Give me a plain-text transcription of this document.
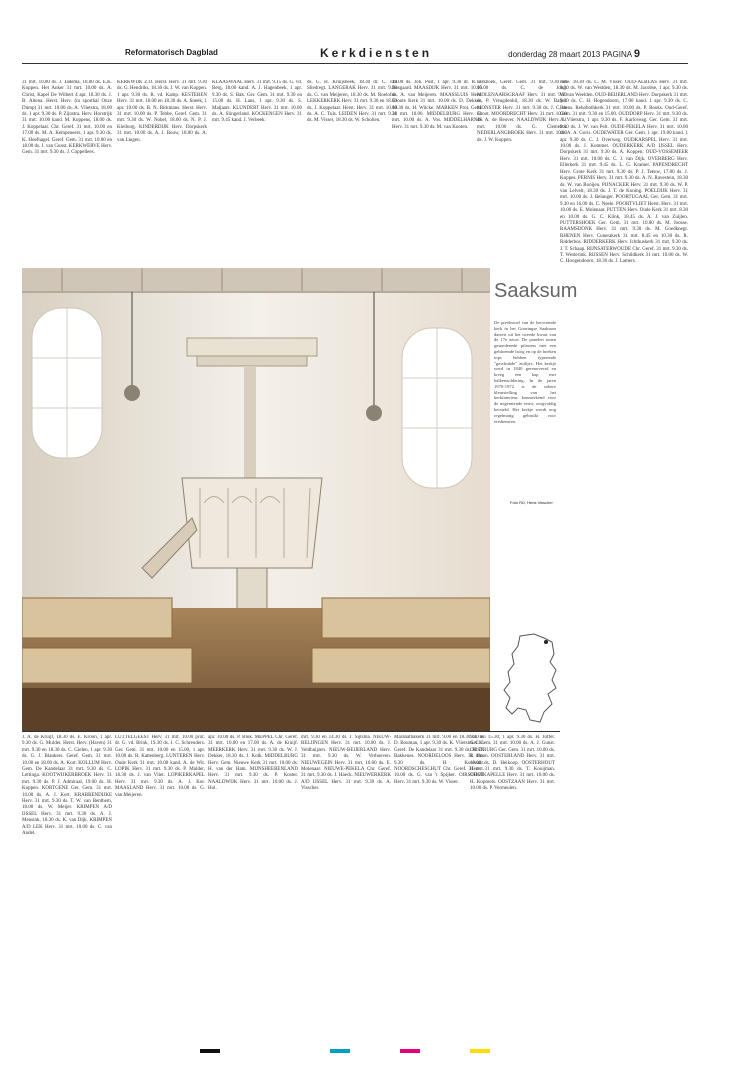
Reformatorisch Dagblad	Kerkdiensten	donderdag 28 maart 2013 PAGINA 9
31 mrt. 10.00 ds. J. Tadema, 18.00 ds. E.K. Koppen. Het Anker 31 mrt. 10.00 ds. A. Christ, Kapel De Wilbert 4 apr. 18.30 ds. J. B. Altena. Herst. Herv. (in sporthal Onze Dump) 31 mrt. 10.00 ds. A. Vlietstra, 18.00 ds. 1 apr. 9.30 ds. P. Zijnstra. Herv. Horstrijk 31 mrt. 10.00 kand. M. Koppens, 18.00 ds. J. Koppelaar. Chr. Geref. 31 mrt. 10.00 en 17.00 ds. M. A. Kempeneers, 1 apr. 9.30 ds. K. Hoefnagel. Geref. Gem. 31 mrt. 10.00 en 18.00 ds. J. van Gunst. KERKWERVE Herv. Gem. 31 mrt. 9.30 ds. J. Coppellees.
KERKWIJK Z.O. Herst. Herv. 31 mrt. 9.30 ds. G. Hendriks, 18.30 ds. J. W. van Koppen. 1 apr. 9.30 ds. R. vd. Kamp. KESTEREN Herv. 31 mrt. 10.00 en 18.30 ds. A. Sneek, 1 apr. 10.00 ds. B. N. Birkmans. Herst. Herv. 31 mrt. 10.00 ds. P. Tebbe, Geref. Gem. 31 mrt. 9.30 ds. W. Nobel, 18.00 ds. N. P. J. Kleiborg. KINDERDIJK Herv. Dorpskerk 31 mrt. 10.00 ds. A. J. Bouw, 18.00 ds. A. van Lingen.
KLAASWAAL Herv. 31 mrt. 9.15 ds. G. vd. Berg, 18.00 kand. A. J. Hagenbeek, 1 apr. 9.30 ds. S. Bak. Ger. Gem. 31 mrt. 9.30 en 15.00 ds. H. Lans, 1 apr. 9.30 ds. S. Maljaars. KLUNDERT Herv. 31 mrt. 10.00 ds. A. Slingerland. KOCKENGEN Herv. 31 mrt. 9.45 kand. J. Verbeek.
ds. G. H. Kruijsbeek, 18.30 dr. C. van Sliedregt. LANGERAK Herv. 31 mrt. 9.30 ds. G. van Meijeren, 18.30 ds. M. Roelofse. LEKKERKERK Herv. 31 mrt. 9.30 en 18.30 ds. J. Koppelaar. Herst. Herv. 31 mrt. 10.00 ds. A. C. Tuls. LEIDEN Herv. 31 mrt. 9.30 ds. M. Visser, 18.30 ds. W. Scholten.
19.00 ds. Joh. Post, 1 apr. 9.30 dr. R. J. Bosgaard. MAASDIJK Herv. 31 mrt. 10.00 ds. A. van Meijeren. MAASSLUIS Herv. Groote Kerk 31 mrt. 10.00 ds. D. Dekker, 18.30 ds. H. Wilcke. MARKEN Prot. Gem. 31 mrt. 10.00. MIDDELBURG Herv. 31 mrt. 10.00 ds. A. Vos. MIDDELHARNIS Herv. 31 mrt. 9.30 ds. M. van Kooten.
kerkhoek, Geref. Gem. 31 mrt. 9.30 en 15.00 ds. C. de Jong. MOLENAARSGRAAF Herv. 31 mrt. 9.30 ds. P. Vreugdenhil, 18.30 ds. W. Baljet. MONSTER Herv. 31 mrt. 9.30 ds. J. C. de Groot. MOORDRECHT Herv. 31 mrt. 10.00 ds. A. de Reuver. NAALDWIJK Herv. 31 mrt. 10.00 ds. G. Clements. NEDERLANGBROEK Herv. 31 mrt. 10.00 ds. J. W. Koppen.
mrte. 18.30 ds. C. M. Visser. OUD-ALBLAS Herv. 31 mrt. 9.30 ds. W. van Westden, 18.30 ds. M. Jacobse, 1 apr. 9.30 ds. W. van Weelden. OUD-BEIJERLAND Herv. Dorpskerk 31 mrt. 9.30 ds. C. H. Hogendoorn, 17.00 kand. 1 apr. 9.30 ds. C. Beens. Rehobothkerk 31 mrt. 10.00 ds. P. Rooks. Oud-Geref. Gem. 31 mrt. 9.30 en 15.00. OUDDORP Herv. 31 mrt. 9.30 ds. A. Vlietstra, 1 apr. 9.30 ds. F. Karloveag. Ger. Gem. 31 mrt. 9.30 ds. J. W. van Pelt. OUDE-PEKELA Herv. 31 mrt. 10.00 ds. A. A. Goris. OUDEWATER Ger. Gem. 1 apr. 19.00 kand. 1 apr. 9.30 ds. C. J. Overweg. OUDKARSPEL Herv. 31 mrt. 10.00 ds. J. Kommet. OUDERKERK A/D IJSSEL Herv. Dorpskerk 31 mrt. 9.30 ds. A. Koppen. OUD-VOSSEMEER Herv. 31 mrt. 10.00 ds. C. J. van Dijk. OVERBERG Herv. Ellerkerk 31 mrt. 9.45 ds. L. G. Kramer. PAPENDRECHT Herv. Grote Kerk 31 mrt. 9.30 ds. P. J. Teeuw, 17.00 ds. J. Koppes. PERNIS Herv. 31 mrt. 9.30 ds. A. N. Ravestein, 18.30 ds. W. van Rooijen. PIJNACKER Herv. 31 mrt. 9.30 ds. W. P. van Lelvelt, 18.30 ds. J. T. de Koning. POELDIJK Herv. 31 mrt. 10.00 ds. J. Belanger. POORTUGAAL Ger. Gem. 31 mrt. 9.30 en 16.00 ds. C. Neele. POORTVLIET Herst. Herv. 31 mrt. 10.00 ds. E. Molenaar. PUTTEN Herv. Oude Kerk 31 mrt. 8.30 en 10.00 ds. G. C. Klink, 18.45 ds. A. J. van Zuijlen. PUTTERSHOEK Ger. Gem. 31 mrt. 10.00 ds. M. Joosse. RAAMSDONK Herv. 31 mrt. 9.30 ds. M. Goedknegt. RHENEN Herv. Cunerakerk 31 mrt. 8.45 en 10.30 ds. R. Ridderbos. RIDDERKERK Herv. Ichthuskerk 31 mrt. 9.30 ds. J. T. Schaap. RIJNSATERWOUDE Chr. Geref. 31 mrt. 9.30 ds. T. Westerink. RIJSSEN Herv. Schildkerk 31 mrt. 10.00 ds. W. C. Hoogendoorn, 18.30 ds. J. Lamers.
Saaksum

De preekstoel van de hervormde kerk in het Groningse Saaksum dateert uit het tweede kwart van de 17e eeuw. De panelen tonen gesnedenede pilasters met een gebloemde boog en op de hoeken tops hebben typerende "geschubde" zuiltjes. Het kerkje werd in 1840 gerenoveerd en kreeg een kap met balkenzoldering. In de jaren 1970-1972 is de sobere kleurstelling van het kerkinterieur, kenmerkend voor de negentiende eeuw, zorgvuldig hersteld. Het kerkje wordt nog regelmatig gebruikt voor erediensten.

Foto RD, Henk Visscher
J. A. de Kruijf, 18.30 ds. E. Kroon, 1 apr. 9.30 ds. G. Mulder. Herst. Herv. (Haven) 31 mrt. 9.30 en 18.30 ds. C. Gielen, 1 apr. 9.30 ds. G. J. Blankers. Geref. Gem. 31 mrt. 10.00 en 18.00 ds. A. Kort. KOLLUM Herv. Gem. De Kandelaar 31 mrt. 9.30 ds. C. Lettinga. KOOTWIJKERBROEK Herv. 31 mrt. 9.30 ds. P. J. Admiraal, 19.00 ds. H. Koppen. KORTGENE Ger. Gem. 31 mrt. 10.00 ds. A. J. Kort. KRABBENDIJKE Herv. 31 mrt. 9.30 ds. T. W. van Benthem, 18.00 ds. W. Meijer. KRIMPEN A/D IJSSEL Herv. 31 mrt. 9.30 ds. A. J. Mensink, 18.30 ds. K. van Dijk. KRIMPEN A/D LEK Herv. 31 mrt. 10.00 ds. C. van Andel.
LUTTELGEEST Herv. 31 mrt. 10.00 prof. dr. G. vd. Brink, 19.30 ds. J. C. Schreuders. Ger. Gem. 31 mrt. 10.00 en 15.00, 1 apr. 10.00 ds. R. Kattenberg. LUNTEREN Herv. Oude Kerk 31 mrt. 10.00 kand. A. de Wit. LOPIK Herv. 31 mrt. 9.30 ds. P. Mulder, 18.30 ds. J. van Vliet. LOPIKERKAPEL Herv. 31 mrt. 9.30 ds. A. J. Kot. MAASLAND Herv. 31 mrt. 10.00 ds. G. van Meijeren.
apr. 10.00 ds. P. Blok. MEPPEL Chr. Geref. 31 mrt. 10.00 en 17.00 ds. A. de Kruijf. MEERKERK Herv. 31 mrt. 9.30 ds. W. J. Dekker, 18.30 ds. J. Kolk. MIDDELBURG Herv. Gem. Nieuwe Kerk 31 mrt. 10.00 ds. H. van der Ham. MIJNSHEERENLAND Herv. 31 mrt. 9.30 ds. P. Koster. NAALDWIJK Herv. 31 mrt. 10.00 ds. J. Hol.
mrt. 9.30 en 14.30 ds. J. Sijtsma. NIEUW-BELJINGEN Herv. 31 mrt. 10.00 ds. J. Veldhuijzen. NIEUW-BEIJERLAND Herv. 31 mrt. 9.30 ds. W. Verhoeven. NIEUWEGEIN Herv. 31 mrt. 10.00 ds. E. Molenaar. NIEUWE-PEKELA Chr. Geref. 31 mrt. 9.30 ds. J. Haeck. NIEUWERKERK A/D IJSSEL Herv. 31 mrt. 9.30 ds. A. Visscher.
Maranathakerk 31 mrt. 9.00 en 18.30 ds. B. D. Bouman, 1 apr. 9.30 ds. K. Vlietstra. Chr. Geref. De Kandelaar 31 mrt. 9.30 ds. H. D. Bakkenes. NOORDELOOS Herv. 31 mrt. 9.30 ds. H. Korevaar. NOORDSCHESCHUT Chr. Geref. 31 mrt. 10.00 ds. G. van 't Spijker. OIRSCHOT Herv. 31 mrt. 9.30 ds. W. Visser.
9.30 en 15.30, 1 apr. 9.30 ds. H. Juffer. Ger. Gem. 31 mrt. 10.00 ds. A. J. Gunst. OOSTBURG Ger. Gem. 31 mrt. 10.00 ds. R. Boon. OOSTERLAND Herv. 31 mrt. 10.00 ds. D. Heikoop. OOSTERHOUT Herv. 31 mrt. 9.30 ds. T. Kooijman. OOSTKAPELLE Herv. 31 mrt. 10.00 ds. H. Kopmels. OOSTZAAN Herv. 31 mrt. 10.00 ds. P. Vermeulen.
